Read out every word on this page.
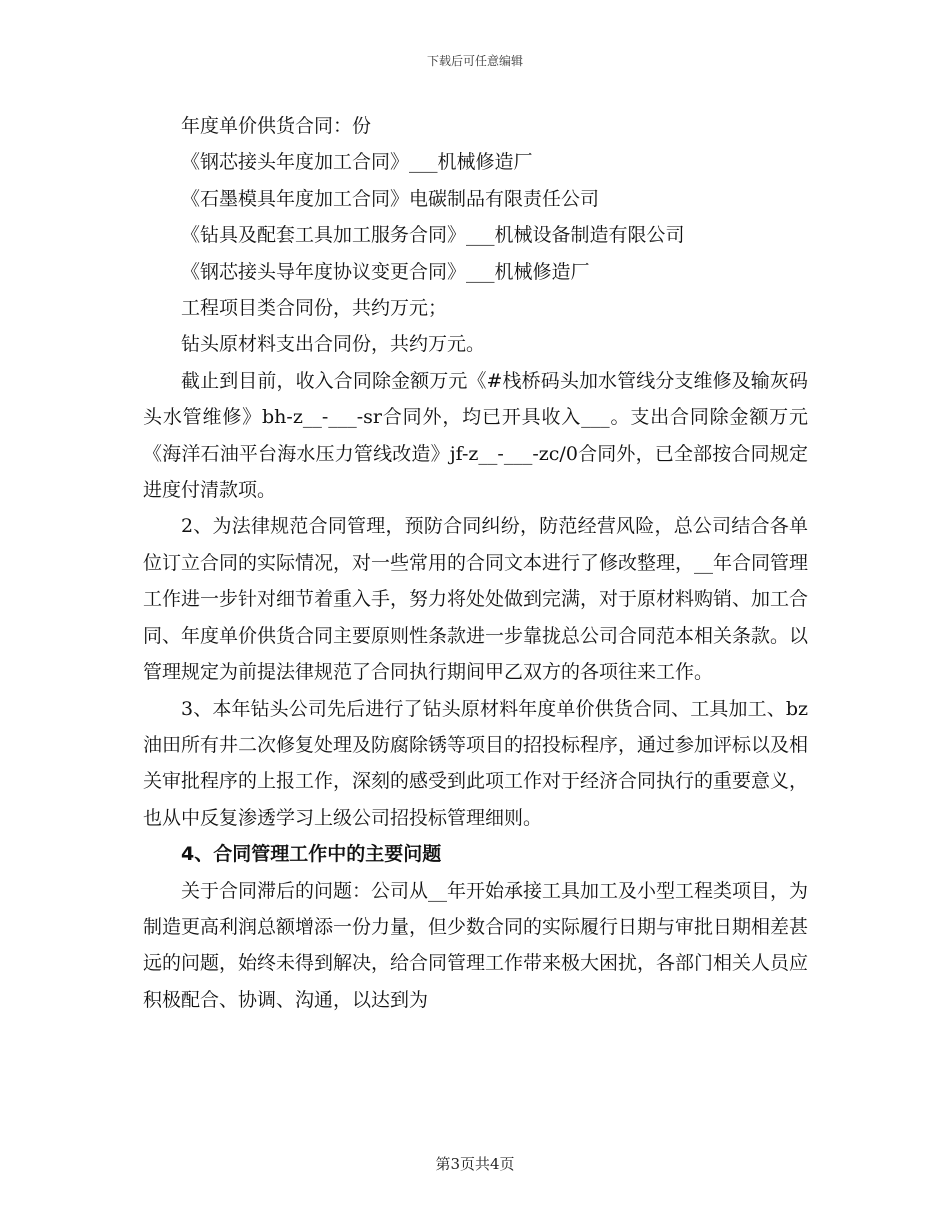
下载后可任意编辑

年度单价供货合同：份

《钢芯接头年度加工合同》___机械修造厂

《石墨模具年度加工合同》电碳制品有限责任公司

《钻具及配套工具加工服务合同》___机械设备制造有限公司

《钢芯接头导年度协议变更合同》___机械修造厂

工程项目类合同份，共约万元；

钻头原材料支出合同份，共约万元。

截止到目前，收入合同除金额万元《#栈桥码头加水管线分支维修及输灰码头水管维修》bh-z__-___-sr合同外，均已开具收入___。支出合同除金额万元《海洋石油平台海水压力管线改造》jf-z__-___-zc/0合同外，已全部按合同规定进度付清款项。

2、为法律规范合同管理，预防合同纠纷，防范经营风险，总公司结合各单位订立合同的实际情况，对一些常用的合同文本进行了修改整理，__年合同管理工作进一步针对细节着重入手，努力将处处做到完满，对于原材料购销、加工合同、年度单价供货合同主要原则性条款进一步靠拢总公司合同范本相关条款。以管理规定为前提法律规范了合同执行期间甲乙双方的各项往来工作。

3、本年钻头公司先后进行了钻头原材料年度单价供货合同、工具加工、bz油田所有井二次修复处理及防腐除锈等项目的招投标程序，通过参加评标以及相关审批程序的上报工作，深刻的感受到此项工作对于经济合同执行的重要意义，也从中反复渗透学习上级公司招投标管理细则。

4、合同管理工作中的主要问题

关于合同滞后的问题：公司从__年开始承接工具加工及小型工程类项目，为制造更高利润总额增添一份力量，但少数合同的实际履行日期与审批日期相差甚远的问题，始终未得到解决，给合同管理工作带来极大困扰，各部门相关人员应积极配合、协调、沟通，以达到为

第3页共4页
